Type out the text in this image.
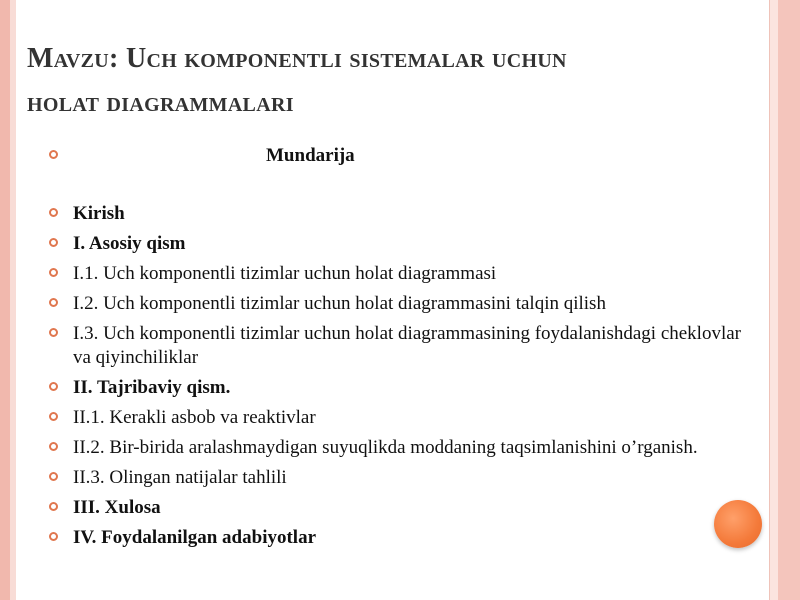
Mavzu: Uch komponentli sistemalar uchun
holat diagrammalari
Mundarija
Kirish
I. Asosiy qism
I.1. Uch komponentli tizimlar uchun holat diagrammasi
I.2. Uch komponentli tizimlar uchun holat diagrammasini talqin qilish
I.3. Uch komponentli tizimlar uchun holat diagrammasining foydalanishdagi cheklovlar va qiyinchiliklar
II. Tajribaviy qism.
II.1. Kerakli asbob va reaktivlar
II.2. Bir-birida aralashmaydigan suyuqlikda moddaning taqsimlanishini o’rganish.
II.3. Olingan natijalar tahlili
III. Xulosa
IV. Foydalanilgan adabiyotlar
